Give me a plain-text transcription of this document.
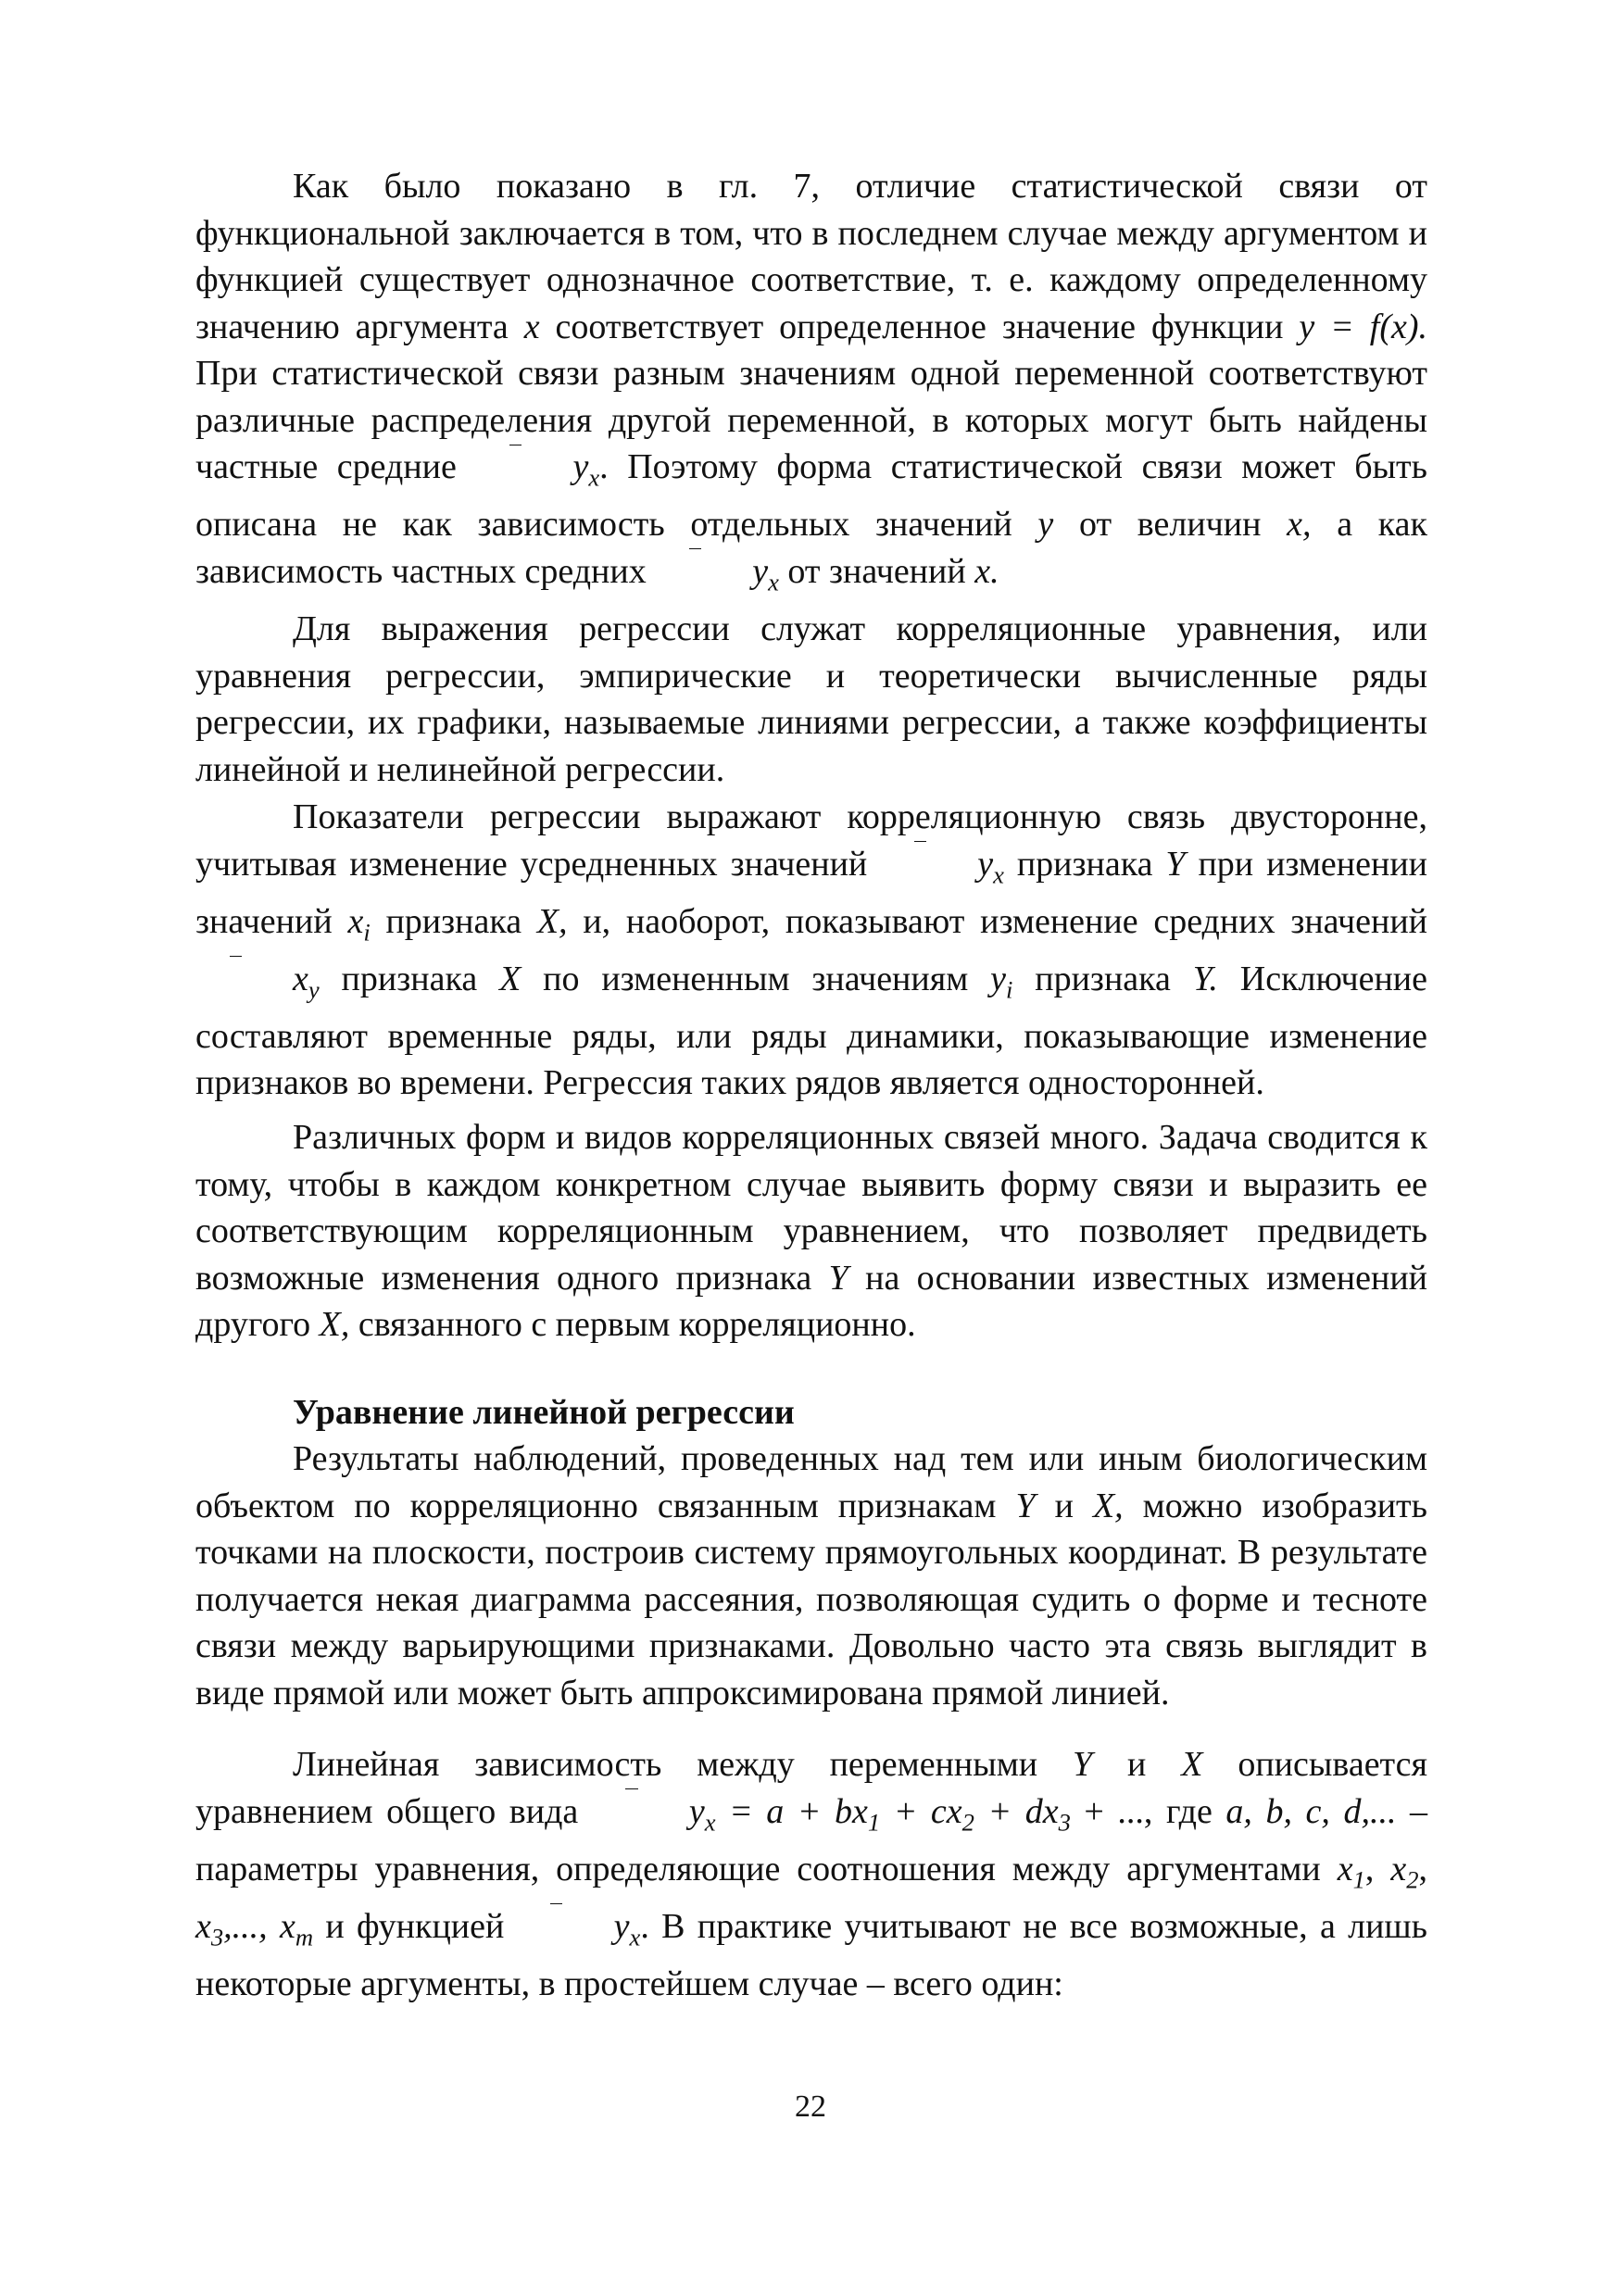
Как было показано в гл. 7, отличие статистической связи от функциональной заключается в том, что в последнем случае между аргументом и функцией существует однозначное соответствие, т. е. каждому определенному значению аргумента x соответствует определенное значение функции y = f(x). При статистической связи разным значениям одной переменной соответствуют различные распределения другой переменной, в которых могут быть найдены частные средние	$y_x$. Поэтому форма статистической связи может быть описана не как зависимость отдельных значений y от величин x, а как зависимость частных средних	$y_x$ от значений x.

Для выражения регрессии служат корреляционные уравнения, или уравнения регрессии, эмпирические и теоретически вычисленные ряды регрессии, их графики, называемые линиями регрессии, а также коэффициенты линейной и нелинейной регрессии.

Показатели регрессии выражают корреляционную связь двусторонне, учитывая изменение усредненных значений	$y_x$ признака Y при изменении значений $x_i$ признака X, и, наоборот, показывают изменение средних значений $x_y$ признака X по измененным значениям $y_i$ признака Y. Исключение составляют временные ряды, или ряды динамики, показывающие изменение признаков во времени. Регрессия таких рядов является односторонней.

Различных форм и видов корреляционных связей много. Задача сводится к тому, чтобы в каждом конкретном случае выявить форму связи и выразить ее соответствующим корреляционным уравнением, что позволяет предвидеть возможные изменения одного признака Y на основании известных изменений другого X, связанного с первым корреляционно.

Уравнение линейной регрессии

Результаты наблюдений, проведенных над тем или иным биологическим объектом по корреляционно связанным признакам Y и X, можно изобразить точками на плоскости, построив систему прямоугольных координат. В результате получается некая диаграмма рассеяния, позволяющая судить о форме и тесноте связи между варьирующими признаками. Довольно часто эта связь выглядит в виде прямой или может быть аппроксимирована прямой линией.

Линейная зависимость между переменными Y и X описывается уравнением общего вида	$y_x = a + bx_1 + cx_2 + dx_3$ + ..., где a, b, c, d,... – параметры уравнения, определяющие соотношения между аргументами $x_1$, $x_2$, $x_3$,..., $x_m$ и функцией	$y_x$. В практике учитывают не все возможные, а лишь некоторые аргументы, в простейшем случае – всего один:

22
